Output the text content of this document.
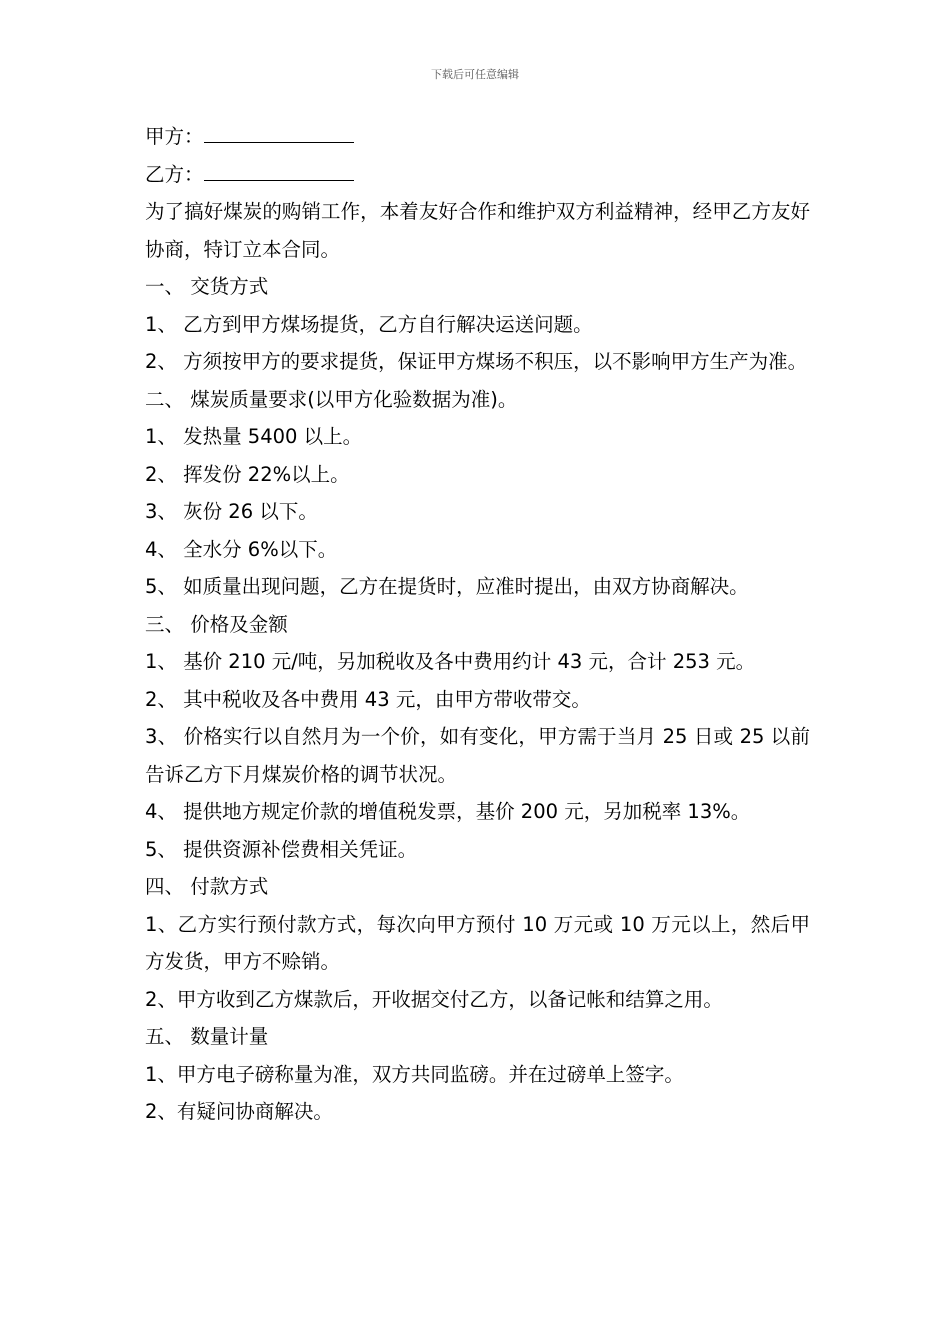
下载后可任意编辑
甲方：
乙方：
为了搞好煤炭的购销工作，本着友好合作和维护双方利益精神，经甲乙方友好协商，特订立本合同。
一、 交货方式
1、 乙方到甲方煤场提货，乙方自行解决运送问题。
2、 方须按甲方的要求提货，保证甲方煤场不积压，以不影响甲方生产为准。
二、 煤炭质量要求(以甲方化验数据为准)。
1、 发热量 5400 以上。
2、 挥发份 22%以上。
3、 灰份 26 以下。
4、 全水分 6%以下。
5、 如质量出现问题，乙方在提货时，应准时提出，由双方协商解决。
三、 价格及金额
1、 基价 210 元/吨，另加税收及各中费用约计 43 元，合计 253 元。
2、 其中税收及各中费用 43 元，由甲方带收带交。
3、 价格实行以自然月为一个价，如有变化，甲方需于当月 25 日或 25 以前告诉乙方下月煤炭价格的调节状况。
4、 提供地方规定价款的增值税发票，基价 200 元，另加税率 13%。
5、 提供资源补偿费相关凭证。
四、 付款方式
1、乙方实行预付款方式，每次向甲方预付 10 万元或 10 万元以上，然后甲方发货，甲方不赊销。
2、甲方收到乙方煤款后，开收据交付乙方，以备记帐和结算之用。
五、 数量计量
1、甲方电子磅称量为准，双方共同监磅。并在过磅单上签字。
2、有疑问协商解决。
